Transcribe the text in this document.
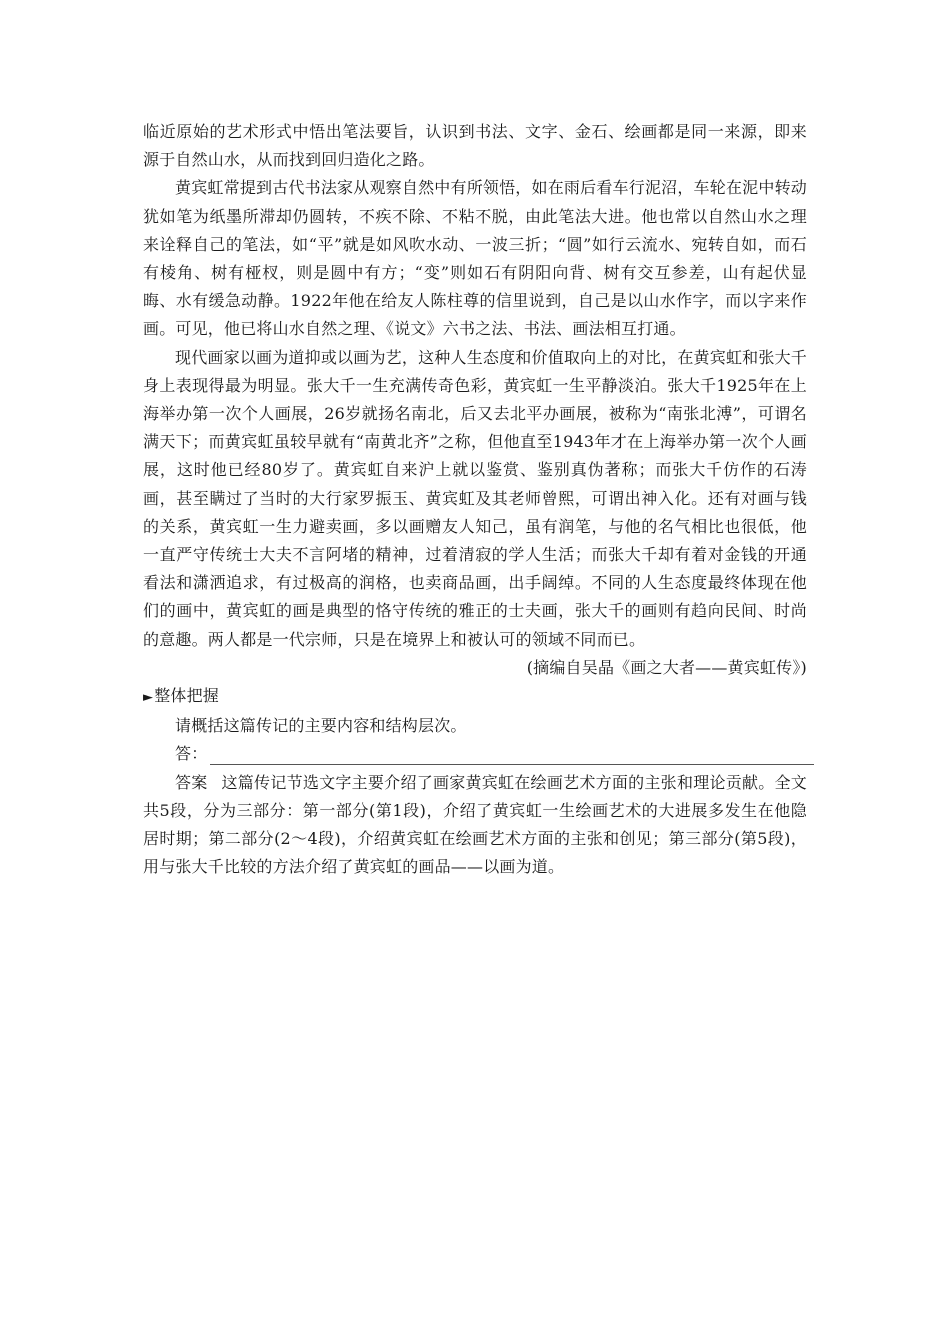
临近原始的艺术形式中悟出笔法要旨，认识到书法、文字、金石、绘画都是同一来源，即来源于自然山水，从而找到回归造化之路。

黄宾虹常提到古代书法家从观察自然中有所领悟，如在雨后看车行泥沼，车轮在泥中转动犹如笔为纸墨所滞却仍圆转，不疾不除、不粘不脱，由此笔法大进。他也常以自然山水之理来诠释自己的笔法，如“平”就是如风吹水动、一波三折；“圆”如行云流水、宛转自如，而石有棱角、树有桠杈，则是圆中有方；“变”则如石有阴阳向背、树有交互参差，山有起伏显晦、水有缓急动静。1922年他在给友人陈柱尊的信里说到，自己是以山水作字，而以字来作画。可见，他已将山水自然之理、《说文》六书之法、书法、画法相互打通。

现代画家以画为道抑或以画为艺，这种人生态度和价值取向上的对比，在黄宾虹和张大千身上表现得最为明显。张大千一生充满传奇色彩，黄宾虹一生平静淡泊。张大千1925年在上海举办第一次个人画展，26岁就扬名南北，后又去北平办画展，被称为“南张北溥”，可谓名满天下；而黄宾虹虽较早就有“南黄北齐”之称，但他直至1943年才在上海举办第一次个人画展，这时他已经80岁了。黄宾虹自来沪上就以鉴赏、鉴别真伪著称；而张大千仿作的石涛画，甚至瞒过了当时的大行家罗振玉、黄宾虹及其老师曾熙，可谓出神入化。还有对画与钱的关系，黄宾虹一生力避卖画，多以画赠友人知己，虽有润笔，与他的名气相比也很低，他一直严守传统士大夫不言阿堵的精神，过着清寂的学人生活；而张大千却有着对金钱的开通看法和潇洒追求，有过极高的润格，也卖商品画，出手阔绰。不同的人生态度最终体现在他们的画中，黄宾虹的画是典型的恪守传统的雅正的士夫画，张大千的画则有趋向民间、时尚的意趣。两人都是一代宗师，只是在境界上和被认可的领域不同而已。

(摘编自吴晶《画之大者——黄宾虹传》)

►整体把握

请概括这篇传记的主要内容和结构层次。

答：

答案 这篇传记节选文字主要介绍了画家黄宾虹在绘画艺术方面的主张和理论贡献。全文共5段，分为三部分：第一部分(第1段)，介绍了黄宾虹一生绘画艺术的大进展多发生在他隐居时期；第二部分(2～4段)，介绍黄宾虹在绘画艺术方面的主张和创见；第三部分(第5段)，用与张大千比较的方法介绍了黄宾虹的画品——以画为道。
